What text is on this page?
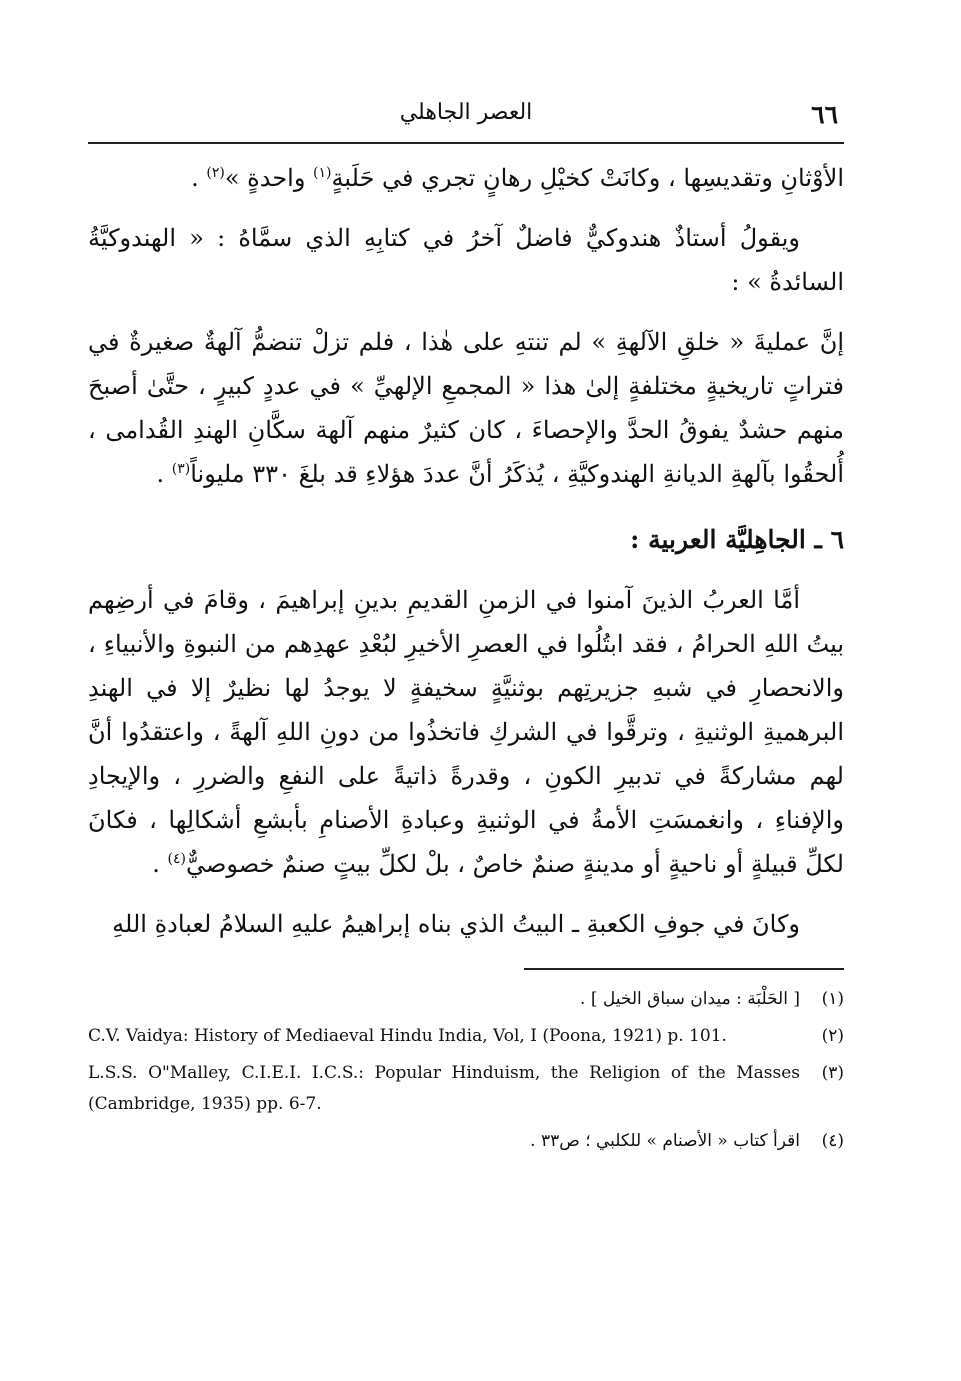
٦٦
العصر الجاهلي

الأوْثانِ وتقديسِها ، وكانَتْ كخيْلِ رهانٍ تجري في حَلَبةٍ$^{(١)}$ واحدةٍ »$^{(٢)}$ .

ويقولُ أستاذٌ هندوكيٌّ فاضلٌ آخرُ في كتابِهِ الذي سمَّاهُ : « الهندوكيَّةُ السائدةُ » :

إنَّ عمليةَ « خلقِ الآلهةِ » لم تنتهِ على هٰذا ، فلم تزلْ تنضمُّ آلهةٌ صغيرةٌ في فتراتٍ تاريخيةٍ مختلفةٍ إلىٰ هذا « المجمعِ الإلهيِّ » في عددٍ كبيرٍ ، حتَّىٰ أصبحَ منهم حشدٌ يفوقُ الحدَّ والإحصاءَ ، كان كثيرٌ منهم آلهة سكَّانِ الهندِ القُدامى ، أُلحقُوا بآلهةِ الديانةِ الهندوكيَّةِ ، يُذكَرُ أنَّ عددَ هؤلاءِ قد بلغَ ٣٣٠ مليوناً$^{(٣)}$ .

٦ ـ الجاهِليَّة العربية :

أمَّا العربُ الذينَ آمنوا في الزمنِ القديمِ بدينِ إبراهيمَ ، وقامَ في أرضِهم بيتُ اللهِ الحرامُ ، فقد ابتُلُوا في العصرِ الأخيرِ لبُعْدِ عهدِهم من النبوةِ والأنبياءِ ، والانحصارِ في شبهِ جزيرتِهم بوثنيَّةٍ سخيفةٍ لا يوجدُ لها نظيرٌ إلا في الهندِ البرهميةِ الوثنيةِ ، وترقَّوا في الشركِ فاتخذُوا من دونِ اللهِ آلهةً ، واعتقدُوا أنَّ لهم مشاركةً في تدبيرِ الكونِ ، وقدرةً ذاتيةً على النفعِ والضررِ ، والإيجادِ والإفناءِ ، وانغمسَتِ الأمةُ في الوثنيةِ وعبادةِ الأصنامِ بأبشعِ أشكالِها ، فكانَ لكلِّ قبيلةٍ أو ناحيةٍ أو مدينةٍ صنمٌ خاصٌ ، بلْ لكلِّ بيتٍ صنمٌ خصوصيٌّ$^{(٤)}$ .

وكانَ في جوفِ الكعبةِ ـ البيتُ الذي بناه إبراهيمُ عليهِ السلامُ لعبادةِ اللهِ

(١)
[ الحَلْبَة : ميدان سباق الخيل ] .
(٢)
C.V. Vaidya: History of Mediaeval Hindu India, Vol, I (Poona, 1921) p. 101.
(٣)
L.S.S. O"Malley, C.I.E.I. I.C.S.: Popular Hinduism, the Religion of the Masses (Cambridge, 1935) pp. 6-7.
(٤)
اقرأ كتاب « الأصنام » للكلبي ؛ ص٣٣ .
